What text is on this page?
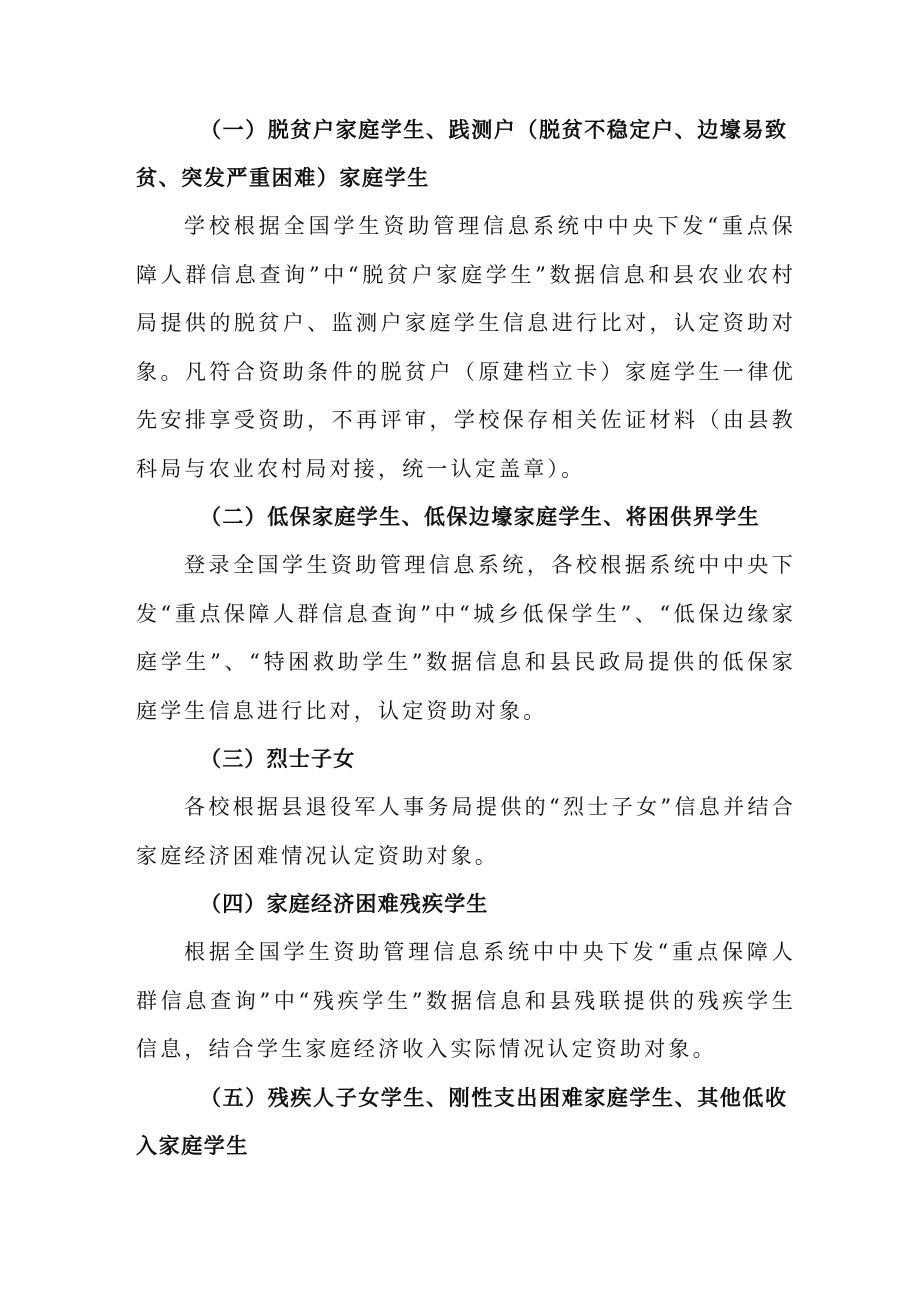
（一）脱贫户家庭学生、践测户（脱贫不稳定户、边壕易致贫、突发严重困难）家庭学生

学校根据全国学生资助管理信息系统中中央下发“重点保障人群信息查询”中“脱贫户家庭学生”数据信息和县农业农村局提供的脱贫户、监测户家庭学生信息进行比对，认定资助对象。凡符合资助条件的脱贫户（原建档立卡）家庭学生一律优先安排享受资助，不再评审，学校保存相关佐证材料（由县教科局与农业农村局对接，统一认定盖章）。

（二）低保家庭学生、低保边壕家庭学生、将困供界学生

登录全国学生资助管理信息系统，各校根据系统中中央下发“重点保障人群信息查询”中“城乡低保学生”、“低保边缘家庭学生”、“特困救助学生”数据信息和县民政局提供的低保家庭学生信息进行比对，认定资助对象。

（三）烈士子女

各校根据县退役军人事务局提供的“烈士子女”信息并结合家庭经济困难情况认定资助对象。

（四）家庭经济困难残疾学生

根据全国学生资助管理信息系统中中央下发“重点保障人群信息查询”中“残疾学生”数据信息和县残联提供的残疾学生信息，结合学生家庭经济收入实际情况认定资助对象。

（五）残疾人子女学生、刚性支出困难家庭学生、其他低收入家庭学生
